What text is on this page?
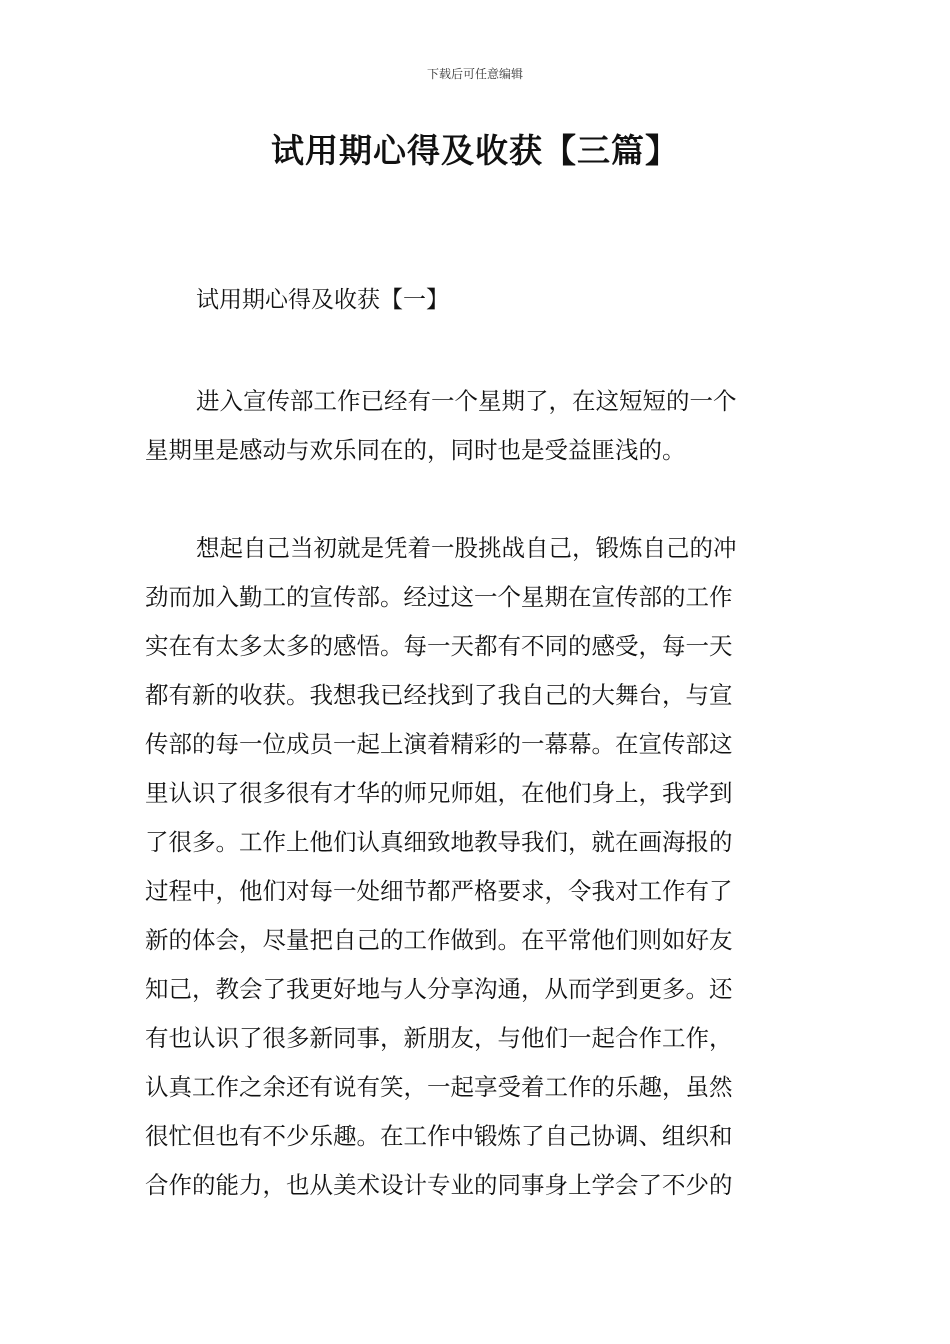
下载后可任意编辑
试用期心得及收获【三篇】
试用期心得及收获【一】
进入宣传部工作已经有一个星期了，在这短短的一个
星期里是感动与欢乐同在的，同时也是受益匪浅的。
想起自己当初就是凭着一股挑战自己，锻炼自己的冲
劲而加入勤工的宣传部。经过这一个星期在宣传部的工作
实在有太多太多的感悟。每一天都有不同的感受，每一天
都有新的收获。我想我已经找到了我自己的大舞台，与宣
传部的每一位成员一起上演着精彩的一幕幕。在宣传部这
里认识了很多很有才华的师兄师姐，在他们身上，我学到
了很多。工作上他们认真细致地教导我们，就在画海报的
过程中，他们对每一处细节都严格要求，令我对工作有了
新的体会，尽量把自己的工作做到。在平常他们则如好友
知己，教会了我更好地与人分享沟通，从而学到更多。还
有也认识了很多新同事，新朋友，与他们一起合作工作，
认真工作之余还有说有笑，一起享受着工作的乐趣，虽然
很忙但也有不少乐趣。在工作中锻炼了自己协调、组织和
合作的能力，也从美术设计专业的同事身上学会了不少的
